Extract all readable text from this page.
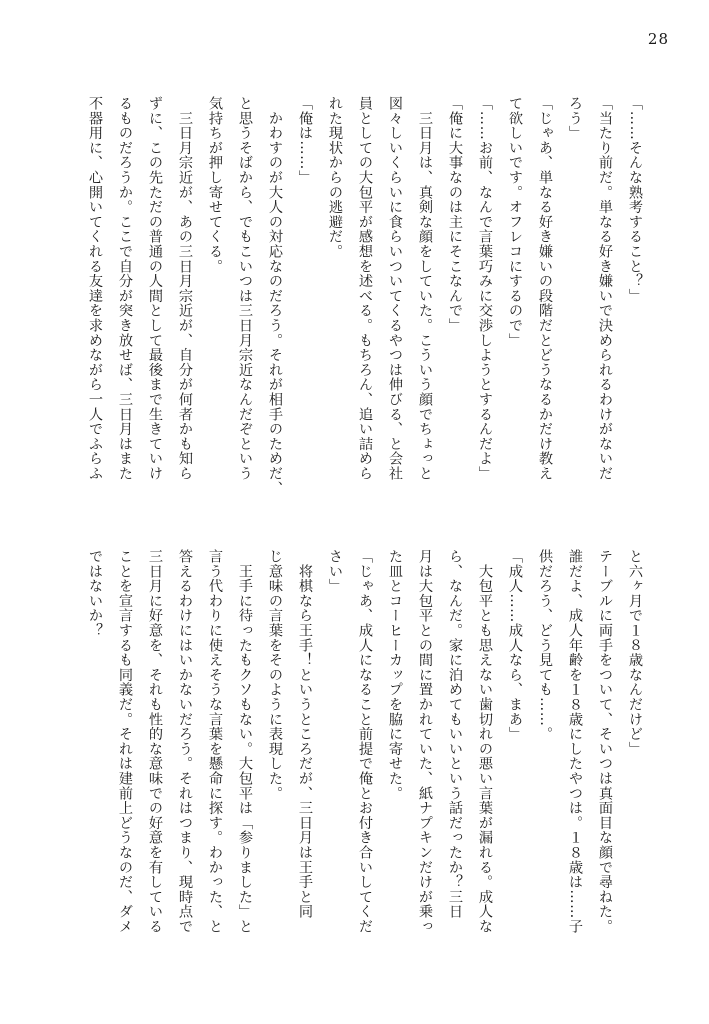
28
「……そんな熟考すること？」
「当たり前だ。単なる好き嫌いで決められるわけがないだ
ろう」
「じゃあ、単なる好き嫌いの段階だとどうなるかだけ教え
て欲しいです。オフレコにするので」
「……お前、なんで言葉巧みに交渉しようとするんだよ」
「俺に大事なのは主にそこなんで」
　三日月は、真剣な顔をしていた。こういう顔でちょっと
図々しいくらいに食らいついてくるやつは伸びる、と会社
員としての大包平が感想を述べる。もちろん、追い詰めら
れた現状からの逃避だ。
「俺は……」
　かわすのが大人の対応なのだろう。それが相手のためだ、
と思うそばから、でもこいつは三日月宗近なんだぞという
気持ちが押し寄せてくる。
　三日月宗近が、あの三日月宗近が、自分が何者かも知ら
ずに、この先ただの普通の人間として最後まで生きていけ
るものだろうか。ここで自分が突き放せば、三日月はまた
不器用に、心開いてくれる友達を求めながら一人でふらふ
と六ヶ月で１８歳なんだけど」
テーブルに両手をついて、そいつは真面目な顔で尋ねた。
誰だよ、成人年齢を１８歳にしたやつは。１８歳は……子
供だろう、どう見ても……。
「成人……成人なら、まあ」
　大包平とも思えない歯切れの悪い言葉が漏れる。成人な
ら、なんだ。家に泊めてもいいという話だったか？三日
月は大包平との間に置かれていた、紙ナプキンだけが乗っ
た皿とコーヒーカップを脇に寄せた。
「じゃあ、成人になること前提で俺とお付き合いしてくだ
さい」
　将棋なら王手！というところだが、三日月は王手と同
じ意味の言葉をそのように表現した。
　王手に待ったもクソもない。大包平は「参りました」と
言う代わりに使えそうな言葉を懸命に探す。わかった、と
答えるわけにはいかないだろう。それはつまり、現時点で
三日月に好意を、それも性的な意味での好意を有している
ことを宣言するも同義だ。それは建前上どうなのだ、ダメ
ではないか？
